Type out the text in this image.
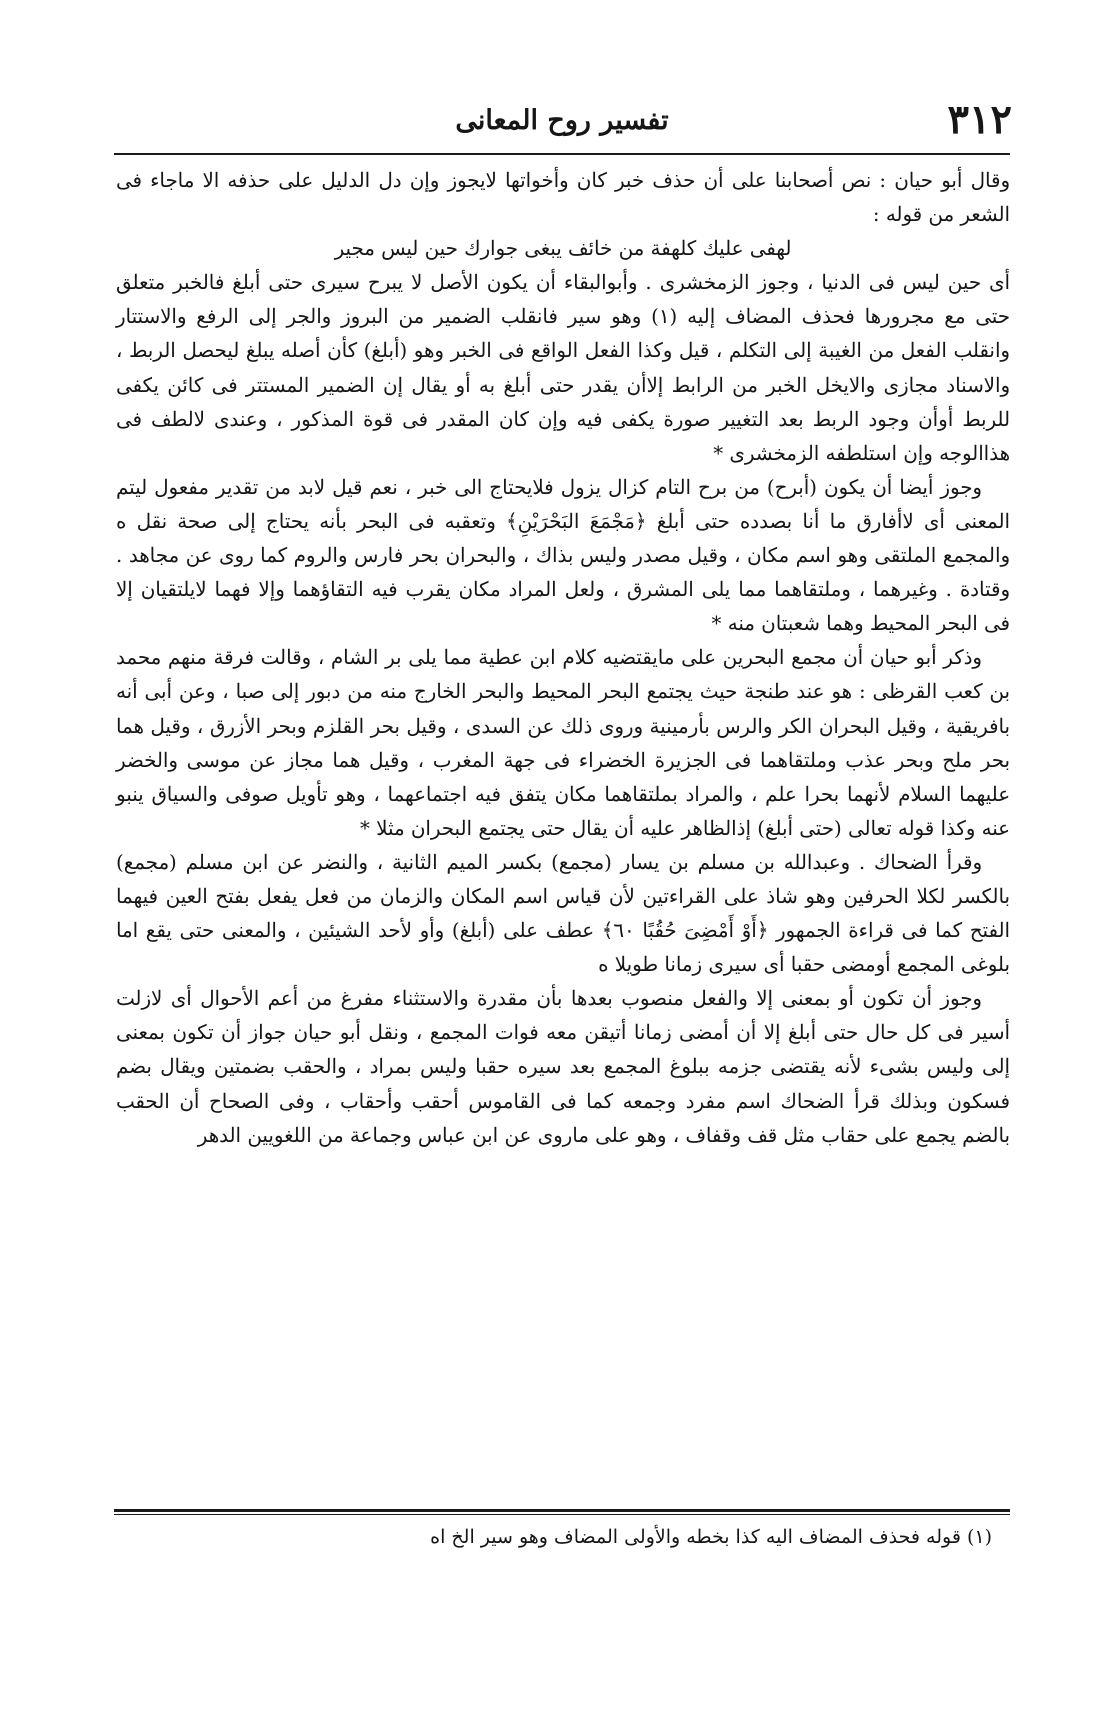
٣١٢
تفسير روح المعانى

وقال أبو حيان : نص أصحابنا على أن حذف خبر كان وأخواتها لايجوز وإن دل الدليل على حذفه الا ماجاء فى الشعر من قوله :

لهفى عليك كلهفة من خائف يبغى جوارك حين ليس مجير

أى حين ليس فى الدنيا ، وجوز الزمخشرى . وأبوالبقاء أن يكون الأصل لا يبرح سيرى حتى أبلغ فالخبر متعلق حتى مع مجرورها فحذف المضاف إليه (١) وهو سير فانقلب الضمير من البروز والجر إلى الرفع والاستتار وانقلب الفعل من الغيبة إلى التكلم ، قيل وكذا الفعل الواقع فى الخبر وهو (أبلغ) كأن أصله يبلغ ليحصل الربط ، والاسناد مجازى والايخل الخبر من الرابط إلاأن يقدر حتى أبلغ به أو يقال إن الضمير المستتر فى كائن يكفى للربط أوأن وجود الربط بعد التغيير صورة يكفى فيه وإن كان المقدر فى قوة المذكور ، وعندى لالطف فى هذاالوجه وإن استلطفه الزمخشرى *

وجوز أيضا أن يكون (أبرح) من برح التام كزال يزول فلايحتاج الى خبر ، نعم قيل لابد من تقدير مفعول ليتم المعنى أى لاأفارق ما أنا بصدده حتى أبلغ ﴿مَجْمَعَ البَحْرَيْنِ﴾ وتعقبه فى البحر بأنه يحتاج إلى صحة نقل ه والمجمع الملتقى وهو اسم مكان ، وقيل مصدر وليس بذاك ، والبحران بحر فارس والروم كما روى عن مجاهد . وقتادة . وغيرهما ، وملتقاهما مما يلى المشرق ، ولعل المراد مكان يقرب فيه التقاؤهما وإلا فهما لايلتقيان إلا فى البحر المحيط وهما شعبتان منه *

وذكر أبو حيان أن مجمع البحرين على مايقتضيه كلام ابن عطية مما يلى بر الشام ، وقالت فرقة منهم محمد بن كعب القرظى : هو عند طنجة حيث يجتمع البحر المحيط والبحر الخارج منه من دبور إلى صبا ، وعن أبى أنه بافريقية ، وقيل البحران الكر والرس بأرمينية وروى ذلك عن السدى ، وقيل بحر القلزم وبحر الأزرق ، وقيل هما بحر ملح وبحر عذب وملتقاهما فى الجزيرة الخضراء فى جهة المغرب ، وقيل هما مجاز عن موسى والخضر عليهما السلام لأنهما بحرا علم ، والمراد بملتقاهما مكان يتفق فيه اجتماعهما ، وهو تأويل صوفى والسياق ينبو عنه وكذا قوله تعالى (حتى أبلغ) إذالظاهر عليه أن يقال حتى يجتمع البحران مثلا *

وقرأ الضحاك . وعبدالله بن مسلم بن يسار (مجمع) بكسر الميم الثانية ، والنضر عن ابن مسلم (مجمع) بالكسر لكلا الحرفين وهو شاذ على القراءتين لأن قياس اسم المكان والزمان من فعل يفعل بفتح العين فيهما الفتح كما فى قراءة الجمهور ﴿أَوْ أَمْضِىَ حُقُبًا ٦٠﴾ عطف على (أبلغ) وأو لأحد الشيئين ، والمعنى حتى يقع اما بلوغى المجمع أومضى حقبا أى سيرى زمانا طويلا ه

وجوز أن تكون أو بمعنى إلا والفعل منصوب بعدها بأن مقدرة والاستثناء مفرغ من أعم الأحوال أى لازلت أسير فى كل حال حتى أبلغ إلا أن أمضى زمانا أتيقن معه فوات المجمع ، ونقل أبو حيان جواز أن تكون بمعنى إلى وليس بشىء لأنه يقتضى جزمه ببلوغ المجمع بعد سيره حقبا وليس بمراد ، والحقب بضمتين ويقال بضم فسكون وبذلك قرأ الضحاك اسم مفرد وجمعه كما فى القاموس أحقب وأحقاب ، وفى الصحاح أن الحقب بالضم يجمع على حقاب مثل قف وقفاف ، وهو على ماروى عن ابن عباس وجماعة من اللغويين الدهر

(١) قوله فحذف المضاف اليه كذا بخطه والأولى المضاف وهو سير الخ اه
